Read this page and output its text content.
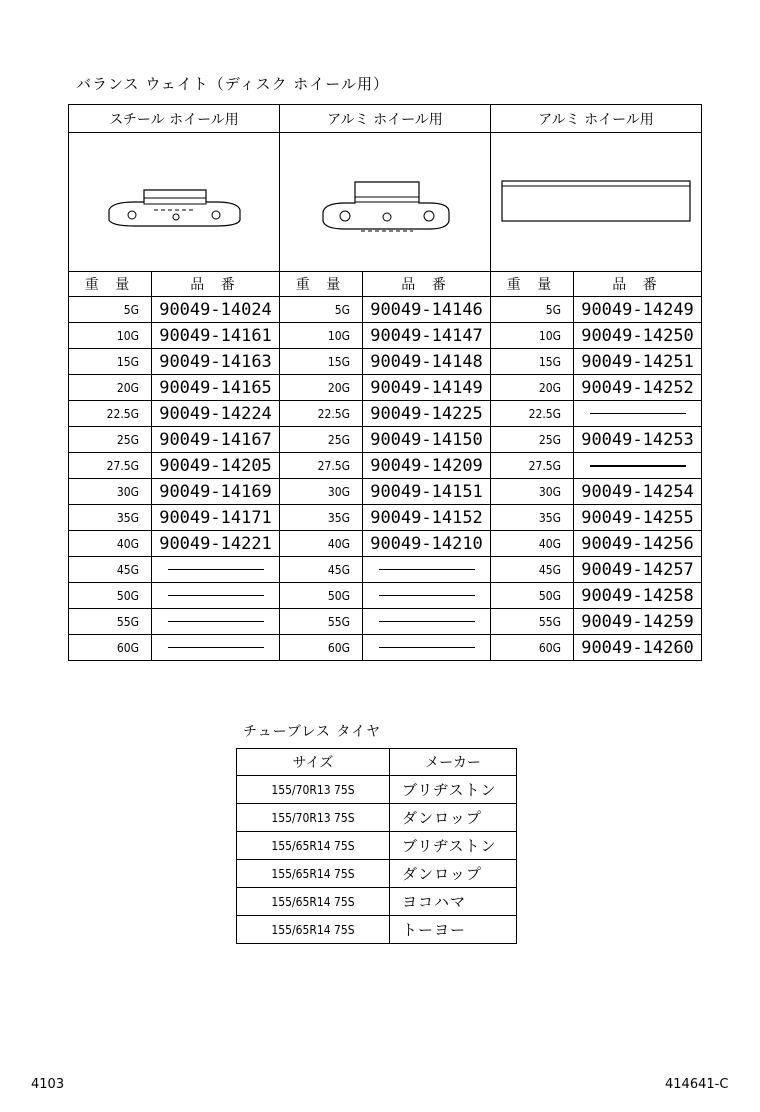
バランス ウェイト（ディスク ホイール用）
スチール ホイール用		アルミ ホイール用		アルミ ホイール用	

重 量	品 番	重 量	品 番	重 量	品 番
5G	90049-14024	5G	90049-14146	5G	90049-14249
10G	90049-14161	10G	90049-14147	10G	90049-14250
15G	90049-14163	15G	90049-14148	15G	90049-14251
20G	90049-14165	20G	90049-14149	20G	90049-14252
22.5G	90049-14224	22.5G	90049-14225	22.5G	
25G	90049-14167	25G	90049-14150	25G	90049-14253
27.5G	90049-14205	27.5G	90049-14209	27.5G	
30G	90049-14169	30G	90049-14151	30G	90049-14254
35G	90049-14171	35G	90049-14152	35G	90049-14255
40G	90049-14221	40G	90049-14210	40G	90049-14256
45G		45G		45G	90049-14257
50G		50G		50G	90049-14258
55G		55G		55G	90049-14259
60G		60G		60G	90049-14260
チューブレス タイヤ
サイズ	メーカー
155/70R13 75S	ブリヂストン
155/70R13 75S	ダンロップ
155/65R14 75S	ブリヂストン
155/65R14 75S	ダンロップ
155/65R14 75S	ヨコハマ
155/65R14 75S	トーヨー
4103	414641-C
